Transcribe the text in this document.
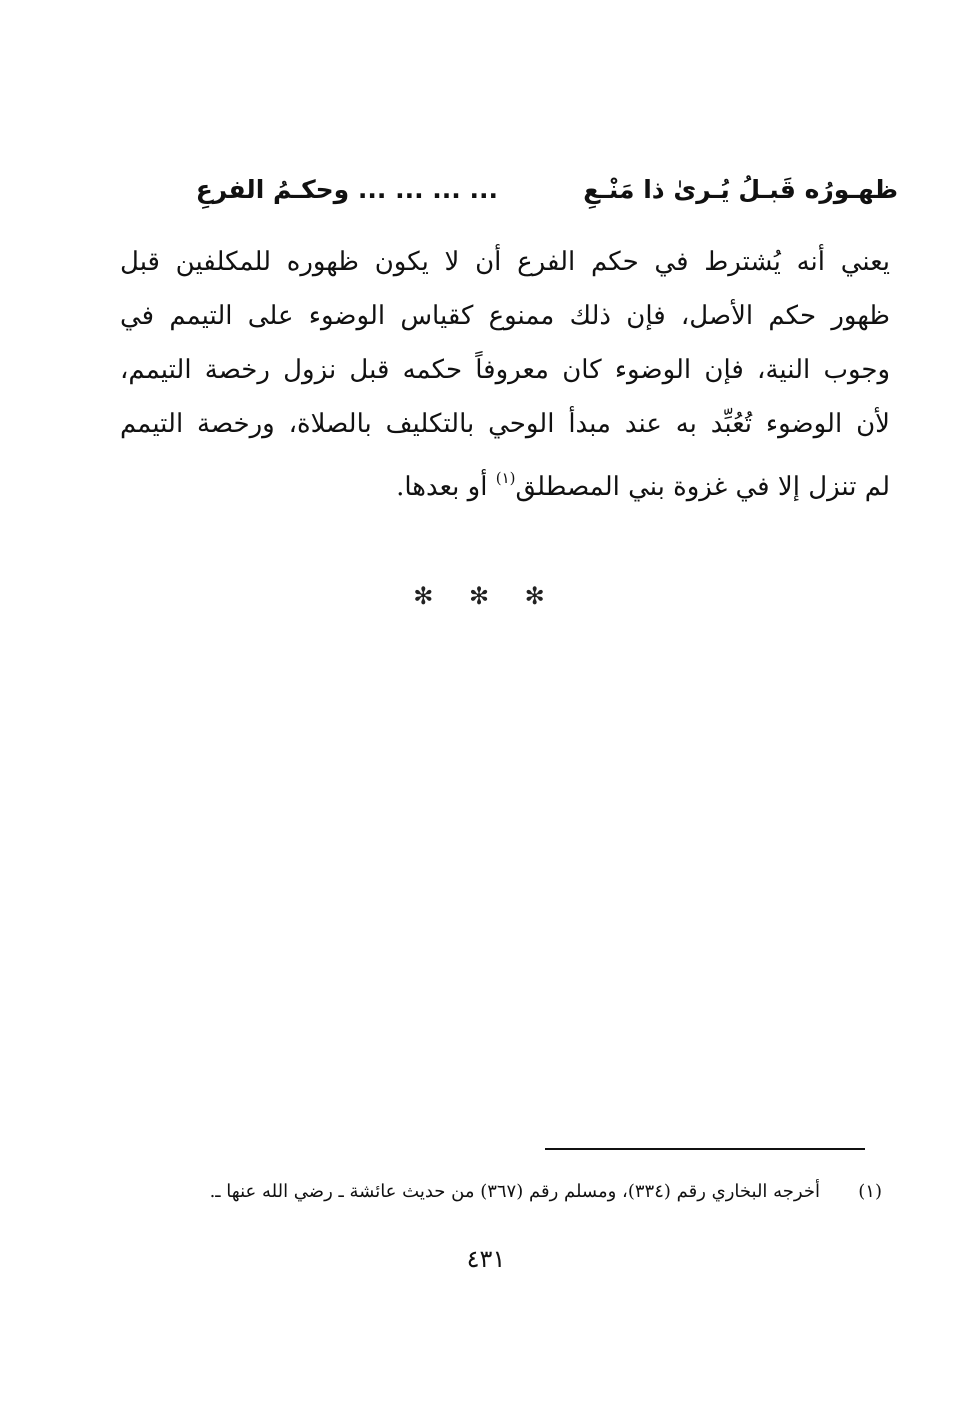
ظهـورُه قَبـلُ يُـرىٰ ذا مَنْـعِ
... ... ... ... وحكـمُ الفرعِ
يعني أنه يُشترط في حكم الفرع أن لا يكون ظهوره للمكلفين قبل
ظهور حكم الأصل، فإن ذلك ممنوع كقياس الوضوء على التيمم في
وجوب النية، فإن الوضوء كان معروفاً حكمه قبل نزول رخصة التيمم،
لأن الوضوء تُعُبِّد به عند مبدأ الوحي بالتكليف بالصلاة، ورخصة التيمم
لم تنزل إلا في غزوة بني المصطلق$^{(١)}$ أو بعدها.
✻ ✻ ✻
(١)أخرجه البخاري رقم (٣٣٤)، ومسلم رقم (٣٦٧) من حديث عائشة ـ رضي الله عنها ـ.
٤٣١
